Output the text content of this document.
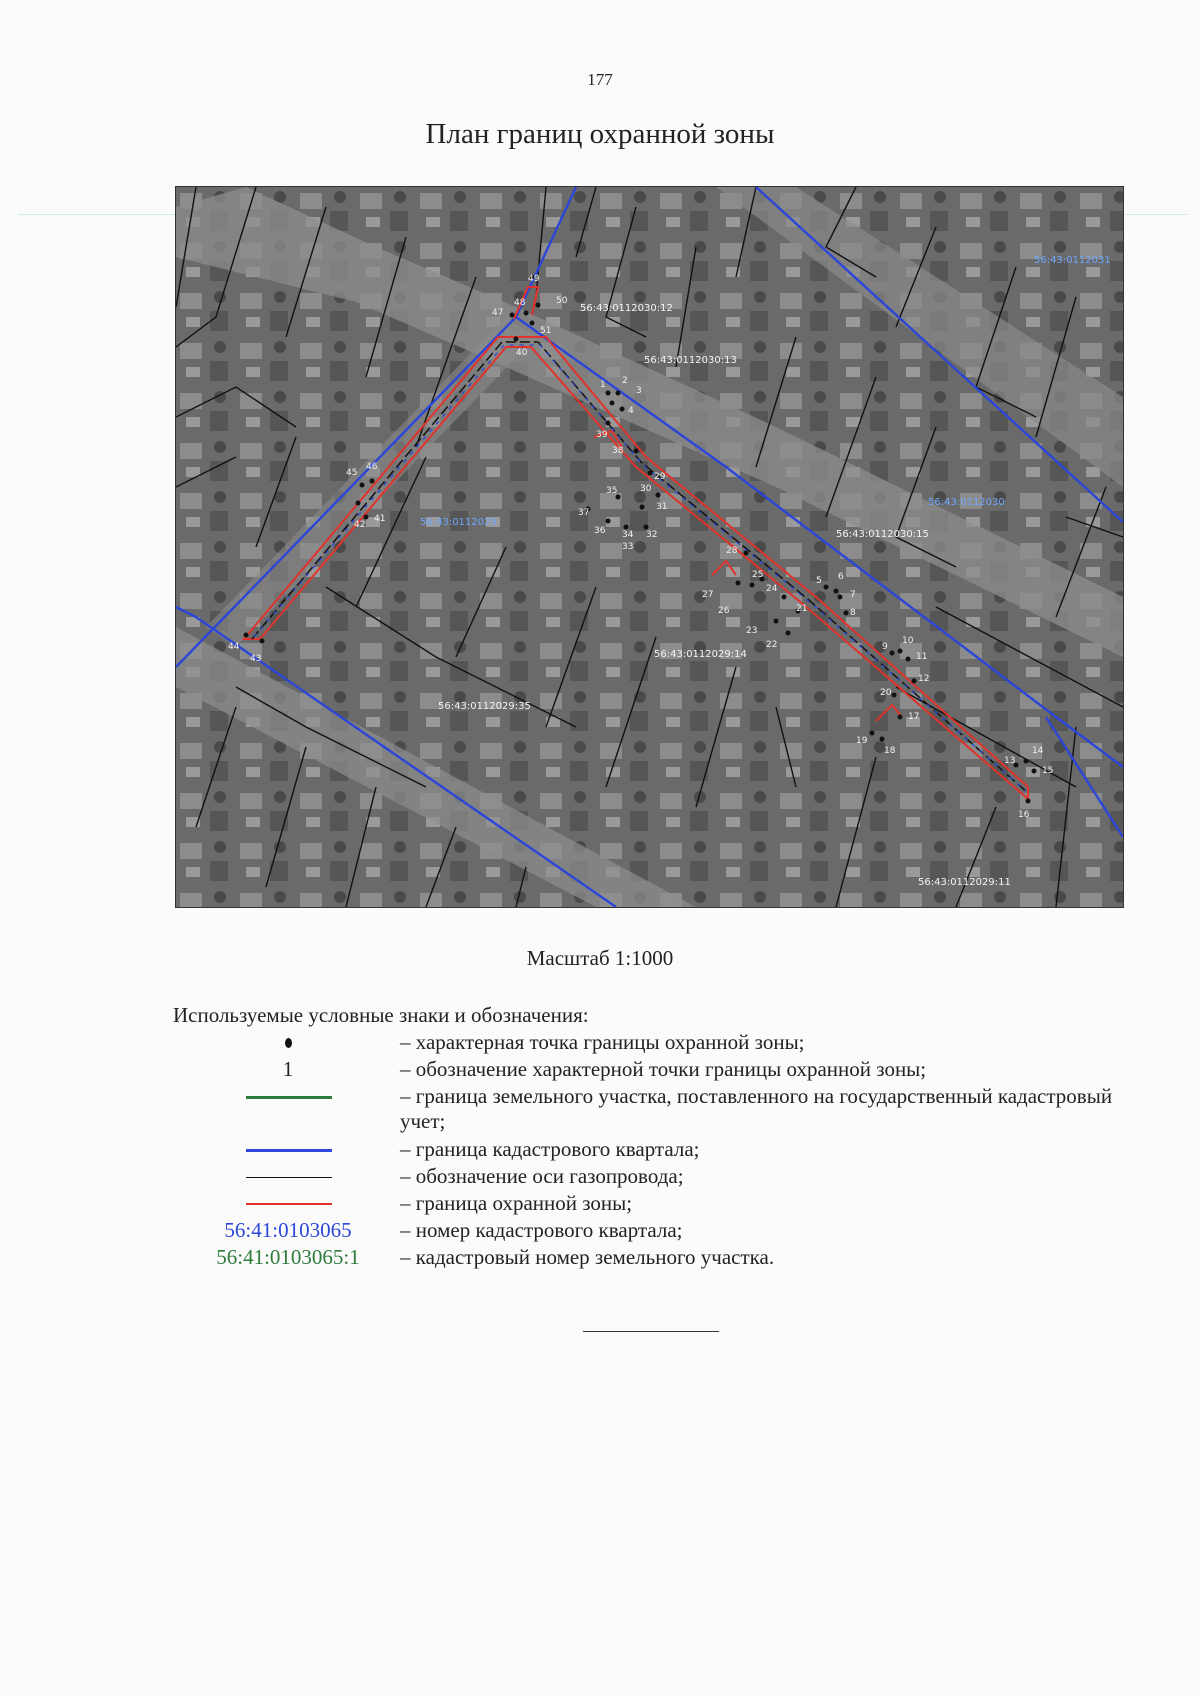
177
План границ охранной зоны
1 2
3
4
5 6
7
8
9
10
11
12
13
14
15
16
17
18
19
20
21
22
23
24
25
26
27
28
29
30
31
32
33
34
35
36
37
38
39
40
41
42
43
44
45
46
47
48
49
50
51
56:43:0112031
56:43:0112030
56:43:0112029
56:43:0112030:12
56:43:0112030:13
56:43:0112030:15
56:43:0112029:14
56:43:0112029:35
56:43:0112029:11
Масштаб 1:1000
Используемые условные знаки и обозначения:
– характерная точка границы охранной зоны;
1	– обозначение характерной точки границы охранной зоны;
– граница земельного участка, поставленного на государственный кадастровый учет;
– граница кадастрового квартала;
– обозначение оси газопровода;
– граница охранной зоны;
56:41:0103065	– номер кадастрового квартала;
56:41:0103065:1	– кадастровый номер земельного участка.
